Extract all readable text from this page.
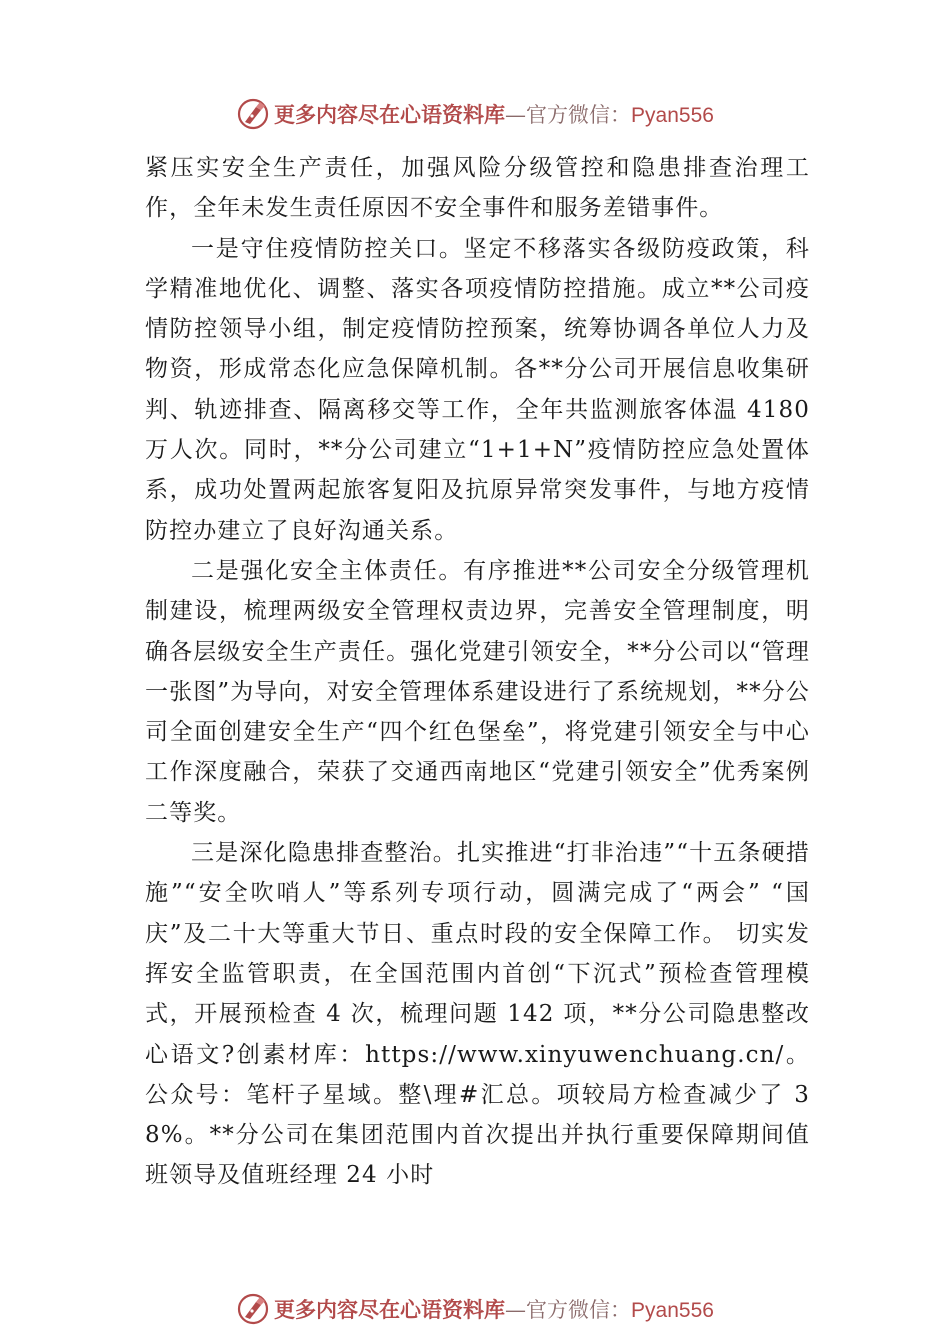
更多内容尽在心语资料库—官方微信：Pyan556

紧压实安全生产责任，加强风险分级管控和隐患排查治理工作，全年未发生责任原因不安全事件和服务差错事件。

一是守住疫情防控关口。坚定不移落实各级防疫政策，科学精准地优化、调整、落实各项疫情防控措施。成立**公司疫情防控领导小组，制定疫情防控预案，统筹协调各单位人力及物资，形成常态化应急保障机制。各**分公司开展信息收集研判、轨迹排查、隔离移交等工作，全年共监测旅客体温 4180 万人次。同时，**分公司建立“1+1+N”疫情防控应急处置体系，成功处置两起旅客复阳及抗原异常突发事件，与地方疫情防控办建立了良好沟通关系。

二是强化安全主体责任。有序推进**公司安全分级管理机制建设，梳理两级安全管理权责边界，完善安全管理制度，明确各层级安全生产责任。强化党建引领安全，**分公司以“管理一张图”为导向，对安全管理体系建设进行了系统规划，**分公司全面创建安全生产“四个红色堡垒”，将党建引领安全与中心工作深度融合，荣获了交通西南地区“党建引领安全”优秀案例二等奖。

三是深化隐患排查整治。扎实推进“打非治违”“十五条硬措施”“安全吹哨人”等系列专项行动，圆满完成了“两会” “国庆”及二十大等重大节日、重点时段的安全保障工作。 切实发挥安全监管职责，在全国范围内首创“下沉式”预检查管理模式，开展预检查 4 次，梳理问题 142 项，**分公司隐患整改心语文?创素材库：https://www.xinyuwenchuang.cn/。公众号：笔杆子星域。整\理#汇总。项较局方检查减少了 38%。**分公司在集团范围内首次提出并执行重要保障期间值班领导及值班经理 24 小时

更多内容尽在心语资料库—官方微信：Pyan556
